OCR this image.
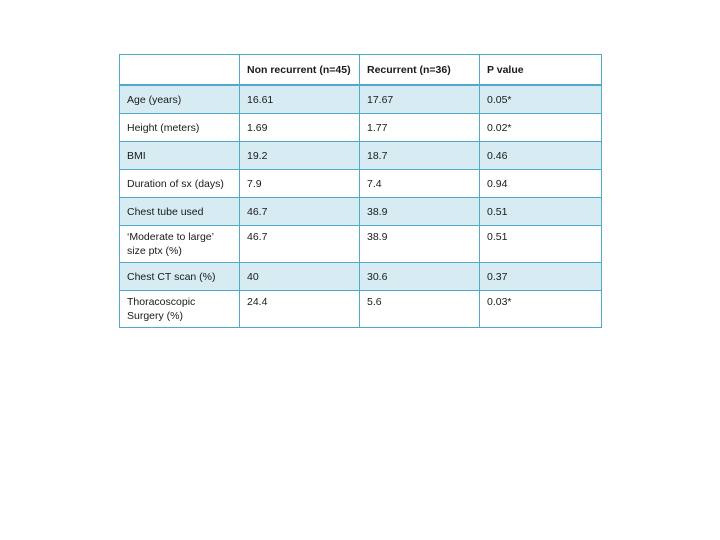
	Non recurrent (n=45)	Recurrent (n=36)	P value
Age (years)	16.61	17.67	0.05*
Height (meters)	1.69	1.77	0.02*
BMI	19.2	18.7	0.46
Duration of sx (days)	7.9	7.4	0.94
Chest tube used	46.7	38.9	0.51
‘Moderate to large’ size ptx (%)	46.7	38.9	0.51
Chest CT scan (%)	40	30.6	0.37
Thoracoscopic Surgery (%)	24.4	5.6	0.03*
